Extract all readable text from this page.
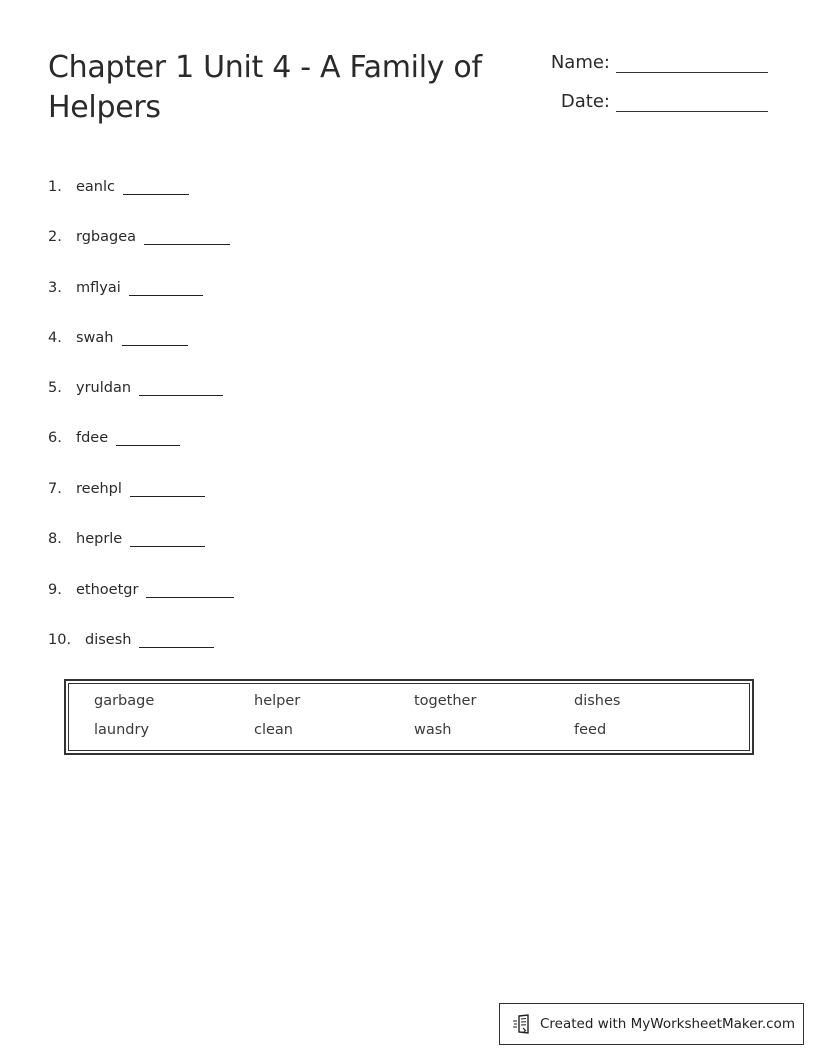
Chapter 1 Unit 4 - A Family of Helpers
Name:
Date:
1. eanlc
2. rgbagea
3. mflyai
4. swah
5. yruldan
6. fdee
7. reehpl
8. heprle
9. ethoetgr
10. disesh
garbage	helper	together	dishes
laundry	clean	wash	feed
Created with MyWorksheetMaker.com
